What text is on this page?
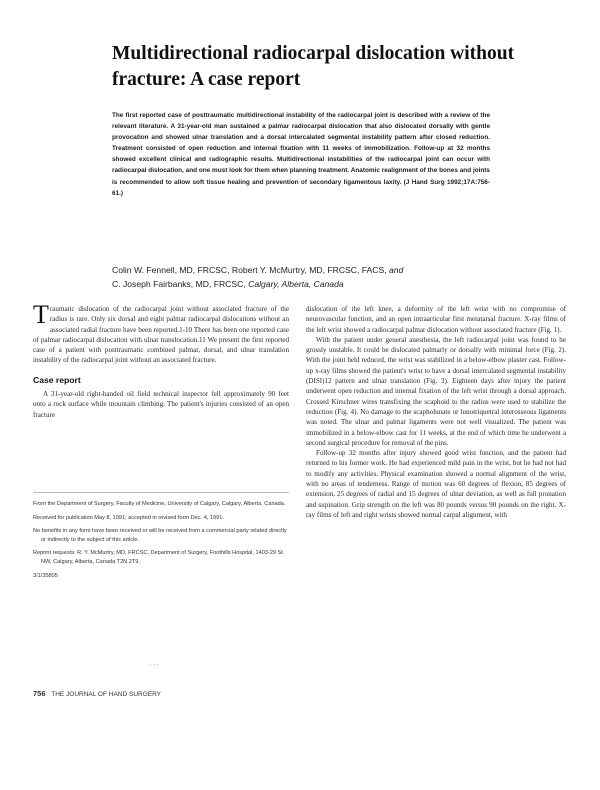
Multidirectional radiocarpal dislocation without fracture: A case report

The first reported case of posttraumatic multidirectional instability of the radiocarpal joint is described with a review of the relevant literature. A 31-year-old man sustained a palmar radiocarpal dislocation that also dislocated dorsally with gentle provocation and showed ulnar translation and a dorsal intercalated segmental instability pattern after closed reduction. Treatment consisted of open reduction and internal fixation with 11 weeks of immobilization. Follow-up at 32 months showed excellent clinical and radiographic results. Multidirectional instabilities of the radiocarpal joint can occur with radiocarpal dislocation, and one must look for them when planning treatment. Anatomic realignment of the bones and joints is recommended to allow soft tissue healing and prevention of secondary ligamentous laxity. (J Hand Surg 1992;17A:756-61.)

Colin W. Fennell, MD, FRCSC, Robert Y. McMurtry, MD, FRCSC, FACS, and
C. Joseph Fairbanks, MD, FRCSC, Calgary, Alberta, Canada

Traumatic dislocation of the radiocarpal joint without associated fracture of the radius is rare. Only six dorsal and eight palmar radiocarpal dislocations without an associated radial fracture have been reported.1-10 There has been one reported case of palmar radiocarpal dislocation with ulnar translocation.11 We present the first reported case of a patient with posttraumatic combined palmar, dorsal, and ulnar translation instability of the radiocarpal joint without an associated fracture.

Case report

A 31-year-old right-handed oil field technical inspector fell approximately 90 feet onto a rock surface while mountain climbing. The patient's injuries consisted of an open fracture

From the Department of Surgery, Faculty of Medicine, University of Calgary, Calgary, Alberta, Canada.

Received for publication May 8, 1991; accepted in revised form Dec. 4, 1991.

No benefits in any form have been received or will be received from a commercial party related directly or indirectly to the subject of this article.

Reprint requests: R. Y. McMurtry, MD, FRCSC, Department of Surgery, Foothills Hospital, 1403-29 St. NW, Calgary, Alberta, Canada T2N 2T9.

3/1/35805

. . .

dislocation of the left knee, a deformity of the left wrist with no compromise of neurovascular function, and an open intraarticular first metatarsal fracture. X-ray films of the left wrist showed a radiocarpal palmar dislocation without associated fracture (Fig. 1).

With the patient under general anesthesia, the left radiocarpal joint was found to be grossly unstable. It could be dislocated palmarly or dorsally with minimal force (Fig. 2). With the joint held reduced, the wrist was stabilized in a below-elbow plaster cast. Follow-up x-ray films showed the patient's wrist to have a dorsal intercalated segmental instability (DISI)12 pattern and ulnar translation (Fig. 3). Eighteen days after injury the patient underwent open reduction and internal fixation of the left wrist through a dorsal approach. Crossed Kirschner wires transfixing the scaphoid to the radius were used to stabilize the reduction (Fig. 4). No damage to the scapholunate or lunotriquetral interosseous ligaments was noted. The ulnar and palmar ligaments were not well visualized. The patient was immobilized in a below-elbow cast for 11 weeks, at the end of which time he underwent a second surgical procedure for removal of the pins.

Follow-up 32 months after injury showed good wrist function, and the patient had returned to his former work. He had experienced mild pain in the wrist, but he had not had to modify any activities. Physical examination showed a normal alignment of the wrist, with no areas of tenderness. Range of motion was 60 degrees of flexion, 85 degrees of extension, 25 degrees of radial and 15 degrees of ulnar deviation, as well as full pronation and supination. Grip strength on the left was 80 pounds versus 90 pounds on the right. X-ray films of left and right wrists showed normal carpal alignment, with

756 THE JOURNAL OF HAND SURGERY
